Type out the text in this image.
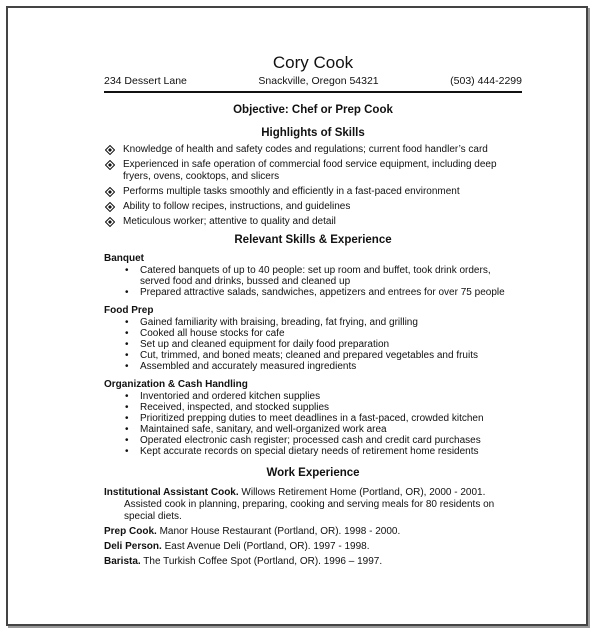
Cory Cook
234 Dessert Lane	Snackville, Oregon 54321	(503) 444-2299
Objective: Chef or Prep Cook
Highlights of Skills
Knowledge of health and safety codes and regulations; current food handler’s card
Experienced in safe operation of commercial food service equipment, including deep fryers, ovens, cooktops, and slicers
Performs multiple tasks smoothly and efficiently in a fast-paced environment
Ability to follow recipes, instructions, and guidelines
Meticulous worker; attentive to quality and detail
Relevant Skills & Experience
Banquet
• Catered banquets of up to 40 people: set up room and buffet, took drink orders, served food and drinks, bussed and cleaned up
• Prepared attractive salads, sandwiches, appetizers and entrees for over 75 people
Food Prep
• Gained familiarity with braising, breading, fat frying, and grilling
• Cooked all house stocks for cafe
• Set up and cleaned equipment for daily food preparation
• Cut, trimmed, and boned meats; cleaned and prepared vegetables and fruits
• Assembled and accurately measured ingredients
Organization & Cash Handling
• Inventoried and ordered kitchen supplies
• Received, inspected, and stocked supplies
• Prioritized prepping duties to meet deadlines in a fast-paced, crowded kitchen
• Maintained safe, sanitary, and well-organized work area
• Operated electronic cash register; processed cash and credit card purchases
• Kept accurate records on special dietary needs of retirement home residents
Work Experience
Institutional Assistant Cook. Willows Retirement Home (Portland, OR), 2000 - 2001.
Assisted cook in planning, preparing, cooking and serving meals for 80 residents on special diets.
Prep Cook. Manor House Restaurant (Portland, OR). 1998 - 2000.
Deli Person. East Avenue Deli (Portland, OR). 1997 - 1998.
Barista. The Turkish Coffee Spot (Portland, OR). 1996 – 1997.
